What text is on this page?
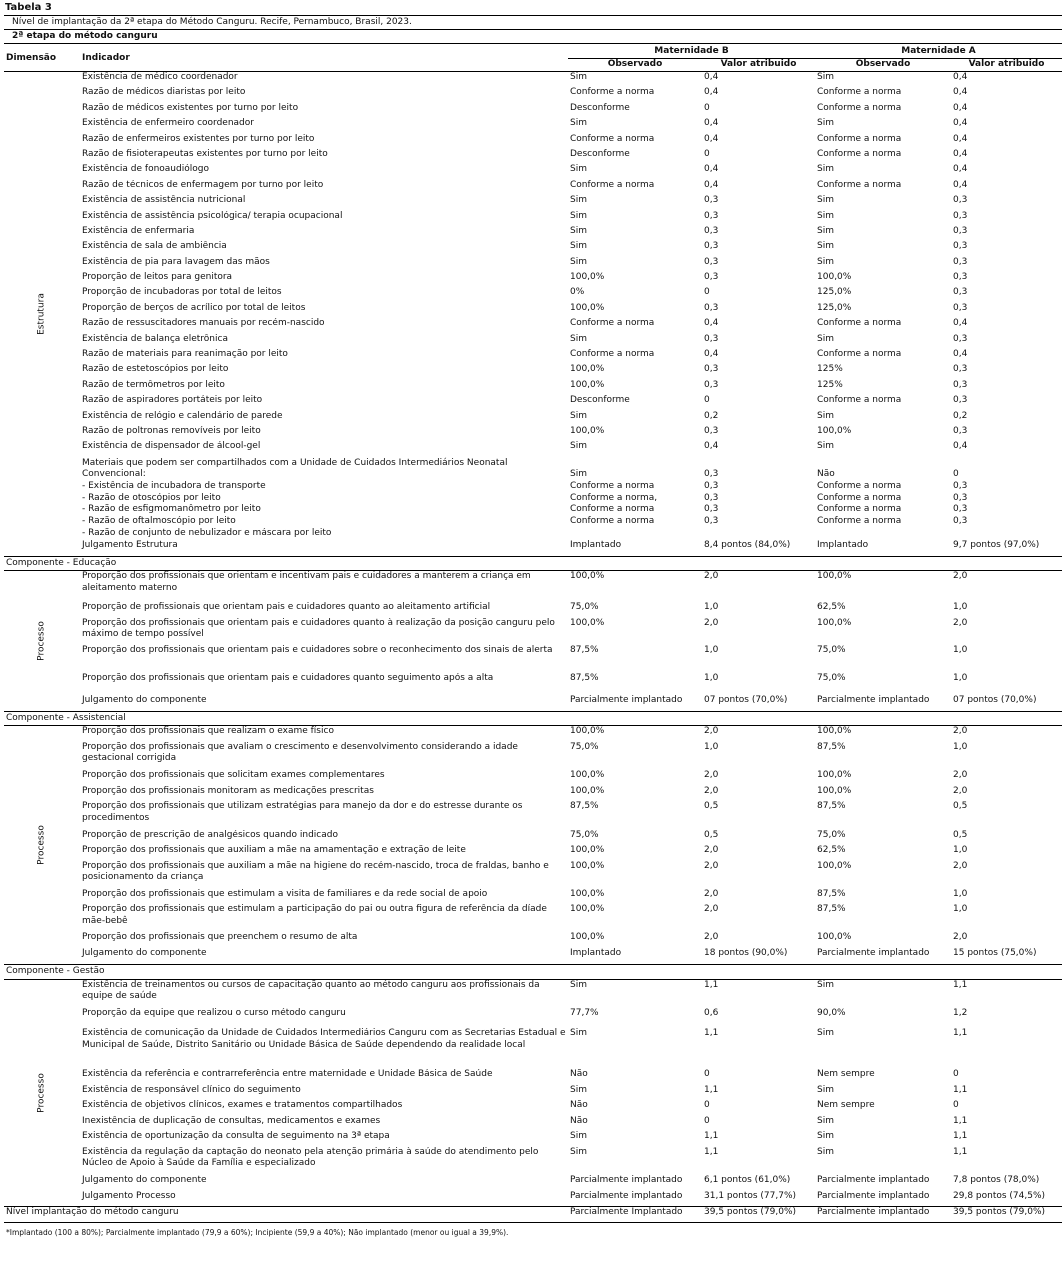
Tabela 3
Nível de implantação da 2ª etapa do Método Canguru. Recife, Pernambuco, Brasil, 2023.
2ª etapa do método canguru
Dimensão	Indicador	Maternidade B		Maternidade A	
		Observado	Valor atribuido	Observado	Valor atribuido

Estrutura	Existência de médico coordenador	Sim	0,4	Sim	0,4
	Razão de médicos diaristas por leito	Conforme a norma	0,4	Conforme a norma	0,4
	Razão de médicos existentes por turno por leito	Desconforme	0	Conforme a norma	0,4
	Existência de enfermeiro coordenador	Sim	0,4	Sim	0,4
	Razão de enfermeiros existentes por turno por leito	Conforme a norma	0,4	Conforme a norma	0,4
	Razão de fisioterapeutas existentes por turno por leito	Desconforme	0	Conforme a norma	0,4
	Existência de fonoaudiólogo	Sim	0,4	Sim	0,4
	Razão de técnicos de enfermagem por turno por leito	Conforme a norma	0,4	Conforme a norma	0,4
	Existência de assistência nutricional	Sim	0,3	Sim	0,3
	Existência de assistência psicológica/ terapia ocupacional	Sim	0,3	Sim	0,3
	Existência de enfermaria	Sim	0,3	Sim	0,3
	Existência de sala de ambiência	Sim	0,3	Sim	0,3
	Existência de pia para lavagem das mãos	Sim	0,3	Sim	0,3
	Proporção de leitos para genitora	100,0%	0,3	100,0%	0,3
	Proporção de incubadoras por total de leitos	0%	0	125,0%	0,3
	Proporção de berços de acrílico por total de leitos	100,0%	0,3	125,0%	0,3
	Razão de ressuscitadores manuais por recém-nascido	Conforme a norma	0,4	Conforme a norma	0,4
	Existência de balança eletrônica	Sim	0,3	Sim	0,3
	Razão de materiais para reanimação por leito	Conforme a norma	0,4	Conforme a norma	0,4
	Razão de estetoscópios por leito	100,0%	0,3	125%	0,3
	Razão de termômetros por leito	100,0%	0,3	125%	0,3
	Razão de aspiradores portáteis por leito	Desconforme	0	Conforme a norma	0,3
	Existência de relógio e calendário de parede	Sim	0,2	Sim	0,2
	Razão de poltronas removíveis por leito	100,0%	0,3	100,0%	0,3
	Existência de dispensador de álcool-gel	Sim	0,4	Sim	0,4
	Materiais que podem ser compartilhados com a Unidade de Cuidados Intermediários Neonatal Convencional:	Sim	0,3	Não	0
	- Existência de incubadora de transporte	Conforme a norma	0,3	Conforme a norma	0,3
	- Razão de otoscópios por leito	Conforme a norma,	0,3	Conforme a norma	0,3
	- Razão de esfigmomanômetro por leito	Conforme a norma	0,3	Conforme a norma	0,3
	- Razão de oftalmoscópio por leito	Conforme a norma	0,3	Conforme a norma	0,3
	- Razão de conjunto de nebulizador e máscara por leito				
	Julgamento Estrutura	Implantado	8,4 pontos (84,0%)	Implantado	9,7 pontos (97,0%)
Componente - Educação					

Processo	Proporção dos profissionais que orientam e incentivam pais e cuidadores a manterem a criança em aleitamento materno	100,0%	2,0	100,0%	2,0
	Proporção de profissionais que orientam pais e cuidadores quanto ao aleitamento artificial	75,0%	1,0	62,5%	1,0
	Proporção dos profissionais que orientam pais e cuidadores quanto à realização da posição canguru pelo máximo de tempo possível	100,0%	2,0	100,0%	2,0
	Proporção dos profissionais que orientam pais e cuidadores sobre o reconhecimento dos sinais de alerta	87,5%	1,0	75,0%	1,0
	Proporção dos profissionais que orientam pais e cuidadores quanto seguimento após a alta	87,5%	1,0	75,0%	1,0
	Julgamento do componente	Parcialmente implantado	07 pontos (70,0%)	Parcialmente implantado	07 pontos (70,0%)
Componente - Assistencial					

Processo	Proporção dos profissionais que realizam o exame físico	100,0%	2,0	100,0%	2,0
	Proporção dos profissionais que avaliam o crescimento e desenvolvimento considerando a idade gestacional corrigida	75,0%	1,0	87,5%	1,0
	Proporção dos profissionais que solicitam exames complementares	100,0%	2,0	100,0%	2,0
	Proporção dos profissionais monitoram as medicações prescritas	100,0%	2,0	100,0%	2,0
	Proporção dos profissionais que utilizam estratégias para manejo da dor e do estresse durante os procedimentos	87,5%	0,5	87,5%	0,5
	Proporção de prescrição de analgésicos quando indicado	75,0%	0,5	75,0%	0,5
	Proporção dos profissionais que auxiliam a mãe na amamentação e extração de leite	100,0%	2,0	62,5%	1,0
	Proporção dos profissionais que auxiliam a mãe na higiene do recém-nascido, troca de fraldas, banho e posicionamento da criança	100,0%	2,0	100,0%	2,0
	Proporção dos profissionais que estimulam a visita de familiares e da rede social de apoio	100,0%	2,0	87,5%	1,0
	Proporção dos profissionais que estimulam a participação do pai ou outra figura de referência da díade mãe-bebê	100,0%	2,0	87,5%	1,0
	Proporção dos profissionais que preenchem o resumo de alta	100,0%	2,0	100,0%	2,0
	Julgamento do componente	Implantado	18 pontos (90,0%)	Parcialmente implantado	15 pontos (75,0%)
Componente - Gestão					

Processo	Existência de treinamentos ou cursos de capacitação quanto ao método canguru aos profissionais da equipe de saúde	Sim	1,1	Sim	1,1
	Proporção da equipe que realizou o curso método canguru	77,7%	0,6	90,0%	1,2
	Existência de comunicação da Unidade de Cuidados Intermediários Canguru com as Secretarias Estadual e Municipal de Saúde, Distrito Sanitário ou Unidade Básica de Saúde dependendo da realidade local	Sim	1,1	Sim	1,1
	Existência da referência e contrarreferência entre maternidade e Unidade Básica de Saúde	Não	0	Nem sempre	0
	Existência de responsável clínico do seguimento	Sim	1,1	Sim	1,1
	Existência de objetivos clínicos, exames e tratamentos compartilhados	Não	0	Nem sempre	0
	Inexistência de duplicação de consultas, medicamentos e exames	Não	0	Sim	1,1
	Existência de oportunização da consulta de seguimento na 3ª etapa	Sim	1,1	Sim	1,1
	Existência da regulação da captação do neonato pela atenção primária à saúde do atendimento pelo Núcleo de Apoio à Saúde da Família e especializado	Sim	1,1	Sim	1,1
	Julgamento do componente	Parcialmente implantado	6,1 pontos (61,0%)	Parcialmente implantado	7,8 pontos (78,0%)
	Julgamento Processo	Parcialmente implantado	31,1 pontos (77,7%)	Parcialmente implantado	29,8 pontos (74,5%)
Nível implantação do método canguru		Parcialmente Implantado	39,5 pontos (79,0%)	Parcialmente implantado	39,5 pontos (79,0%)
*Implantado (100 a 80%); Parcialmente implantado (79,9 a 60%); Incipiente (59,9 a 40%); Não implantado (menor ou igual a 39,9%).
